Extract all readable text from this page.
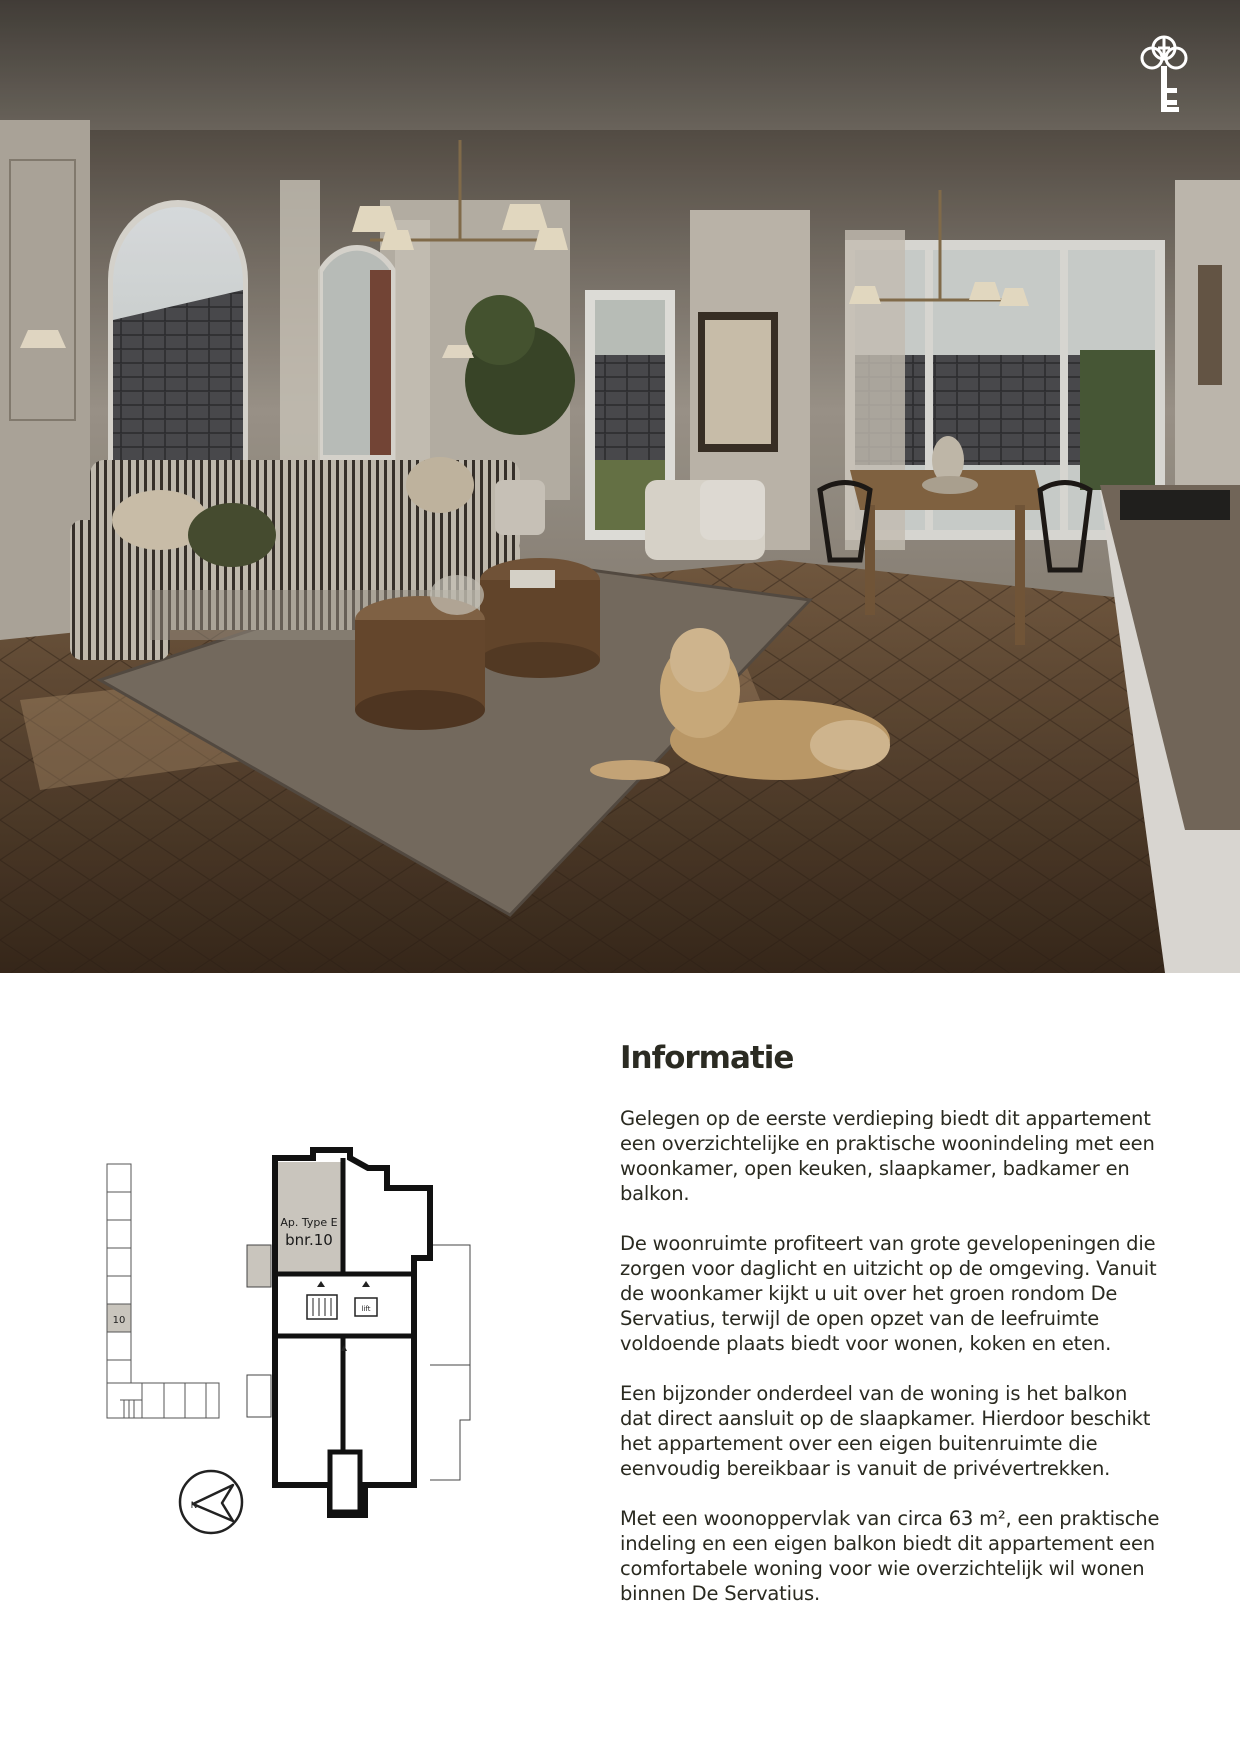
10
lift
Ap. Type E
bnr.10
N
Informatie

Gelegen op de eerste verdieping biedt dit appartement een overzichtelijke en praktische woonindeling met een woonkamer, open keuken, slaapkamer, badkamer en balkon.

De woonruimte profiteert van grote gevelopeningen die zorgen voor daglicht en uitzicht op de omgeving. Vanuit de woonkamer kijkt u uit over het groen rondom De Servatius, terwijl de open opzet van de leefruimte voldoende plaats biedt voor wonen, koken en eten.

Een bijzonder onderdeel van de woning is het balkon dat direct aansluit op de slaapkamer. Hierdoor beschikt het appartement over een eigen buitenruimte die eenvoudig bereikbaar is vanuit de privévertrekken.

Met een woonoppervlak van circa 63 m², een praktische indeling en een eigen balkon biedt dit appartement een comfortabele woning voor wie overzichtelijk wil wonen binnen De Servatius.
